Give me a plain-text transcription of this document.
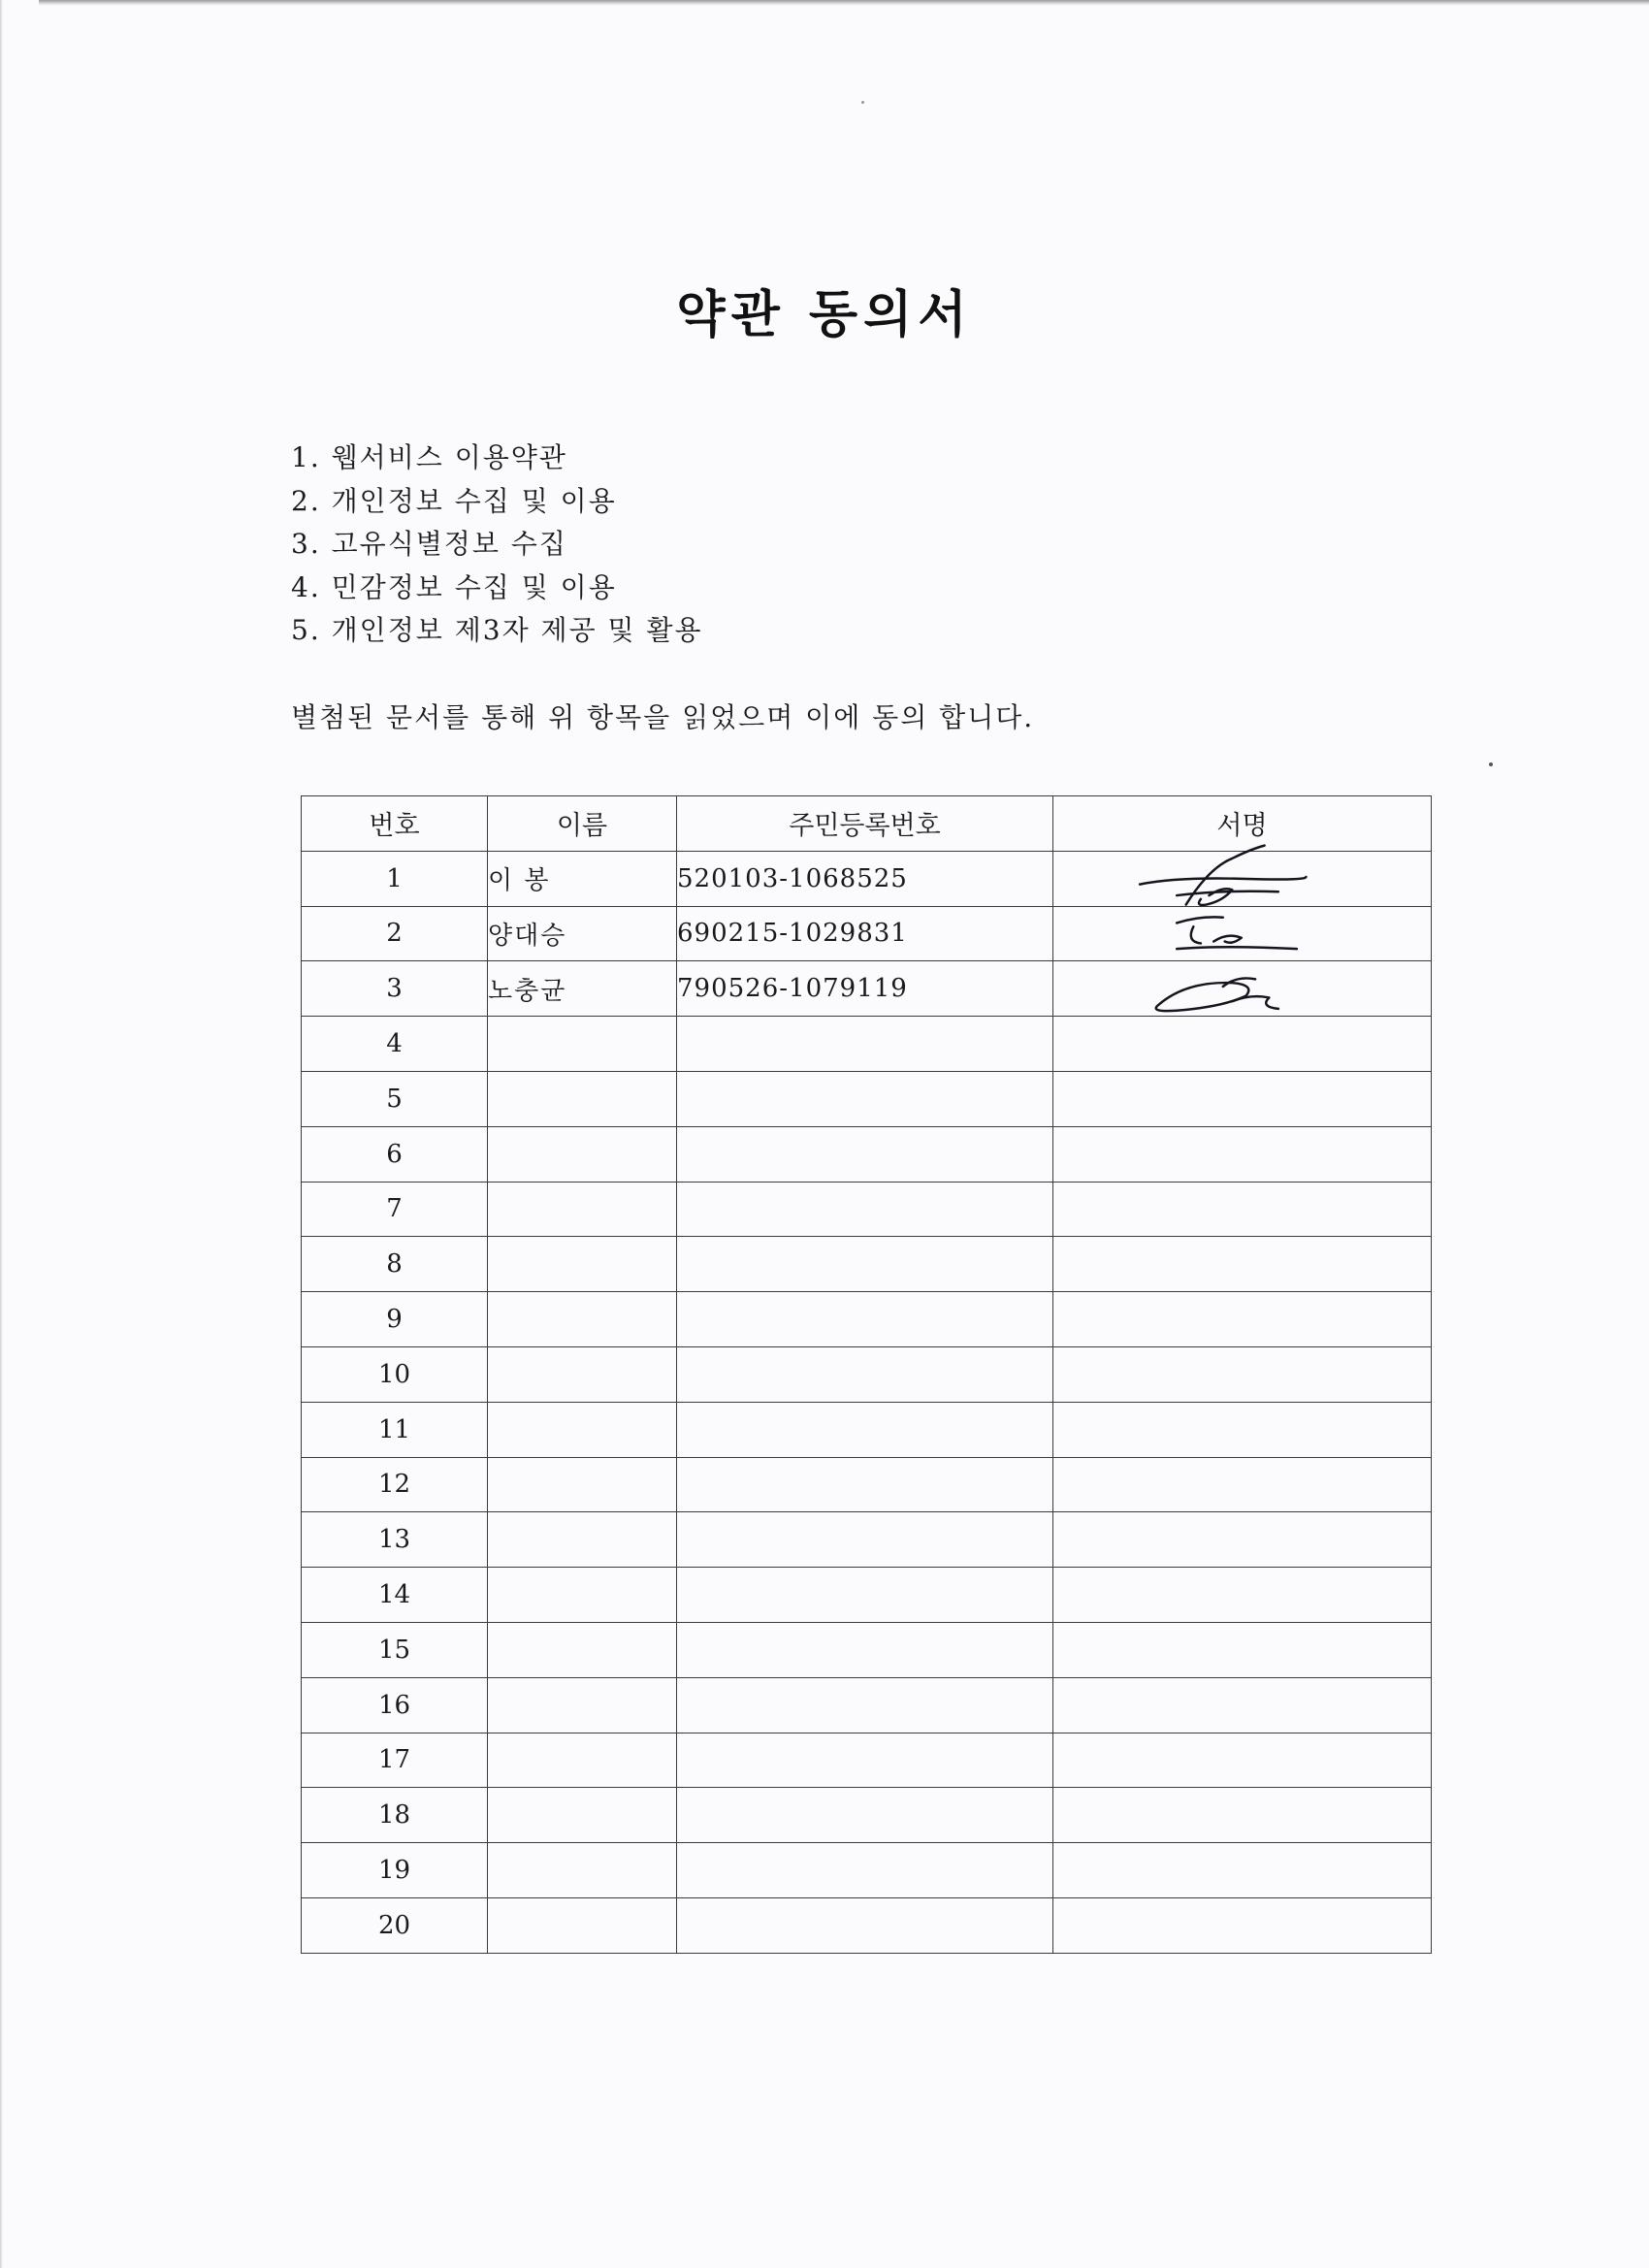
약관 동의서
1. 웹서비스 이용약관
2. 개인정보 수집 및 이용
3. 고유식별정보 수집
4. 민감정보 수집 및 이용
5. 개인정보 제3자 제공 및 활용
별첨된 문서를 통해 위 항목을 읽었으며 이에 동의 합니다.
번호	이름	주민등록번호	서명
1	이 봉	520103-1068525	

2	양대승	690215-1029831	

3	노충균	790526-1079119	

4			
5			
6			
7			
8			
9			
10			
11			
12			
13			
14			
15			
16			
17			
18			
19			
20			
